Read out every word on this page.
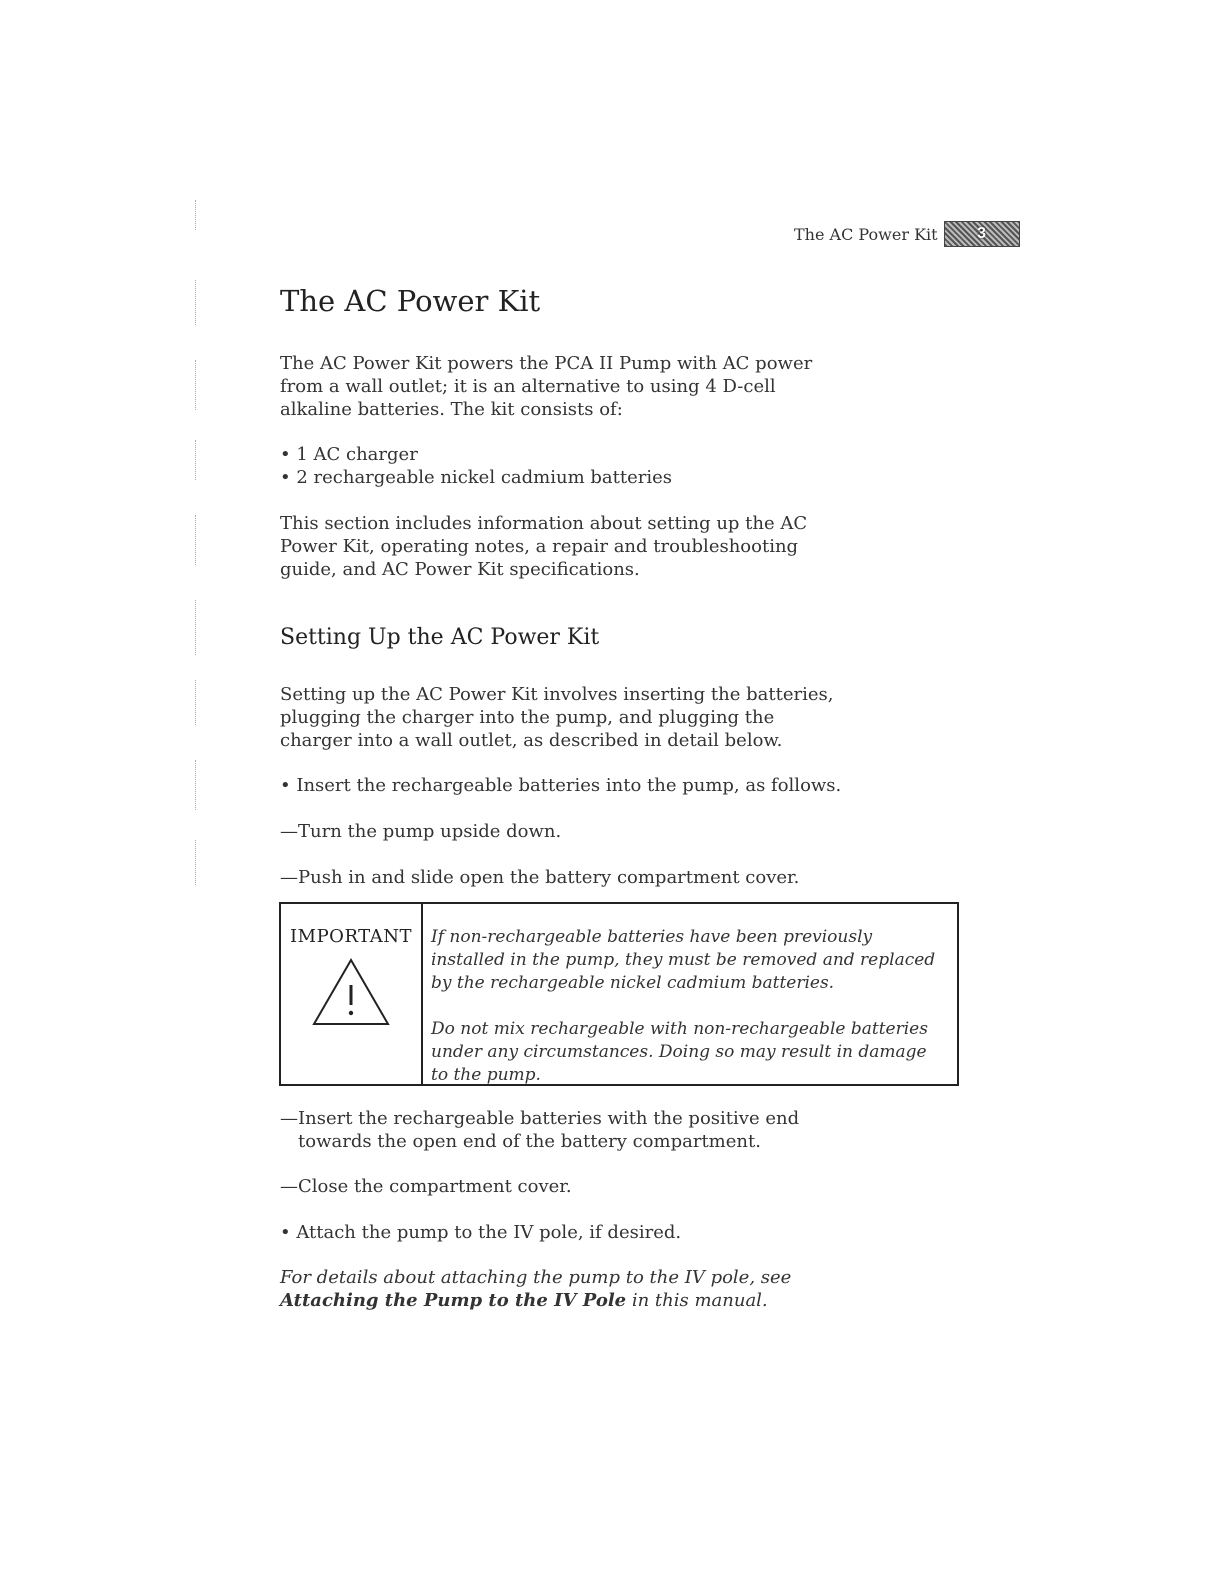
The AC Power Kit	3
The AC Power Kit

The AC Power Kit powers the PCA II Pump with AC power from a wall outlet; it is an alternative to using 4 D-cell alkaline batteries. The kit consists of:

• 1 AC charger
• 2 rechargeable nickel cadmium batteries

This section includes information about setting up the AC Power Kit, operating notes, a repair and troubleshooting guide, and AC Power Kit specifications.

Setting Up the AC Power Kit

Setting up the AC Power Kit involves inserting the batteries, plugging the charger into the pump, and plugging the charger into a wall outlet, as described in detail below.

• Insert the rechargeable batteries into the pump, as follows.

—Turn the pump upside down.

—Push in and slide open the battery compartment cover.

IMPORTANT If non-rechargeable batteries have been previously installed in the pump, they must be removed and replaced by the rechargeable nickel cadmium batteries.

Do not mix rechargeable with non-rechargeable batteries under any circumstances. Doing so may result in damage to the pump.

—Insert the rechargeable batteries with the positive end

towards the open end of the battery compartment.

—Close the compartment cover.

• Attach the pump to the IV pole, if desired.

For details about attaching the pump to the IV pole, see Attaching the Pump to the IV Pole in this manual.
